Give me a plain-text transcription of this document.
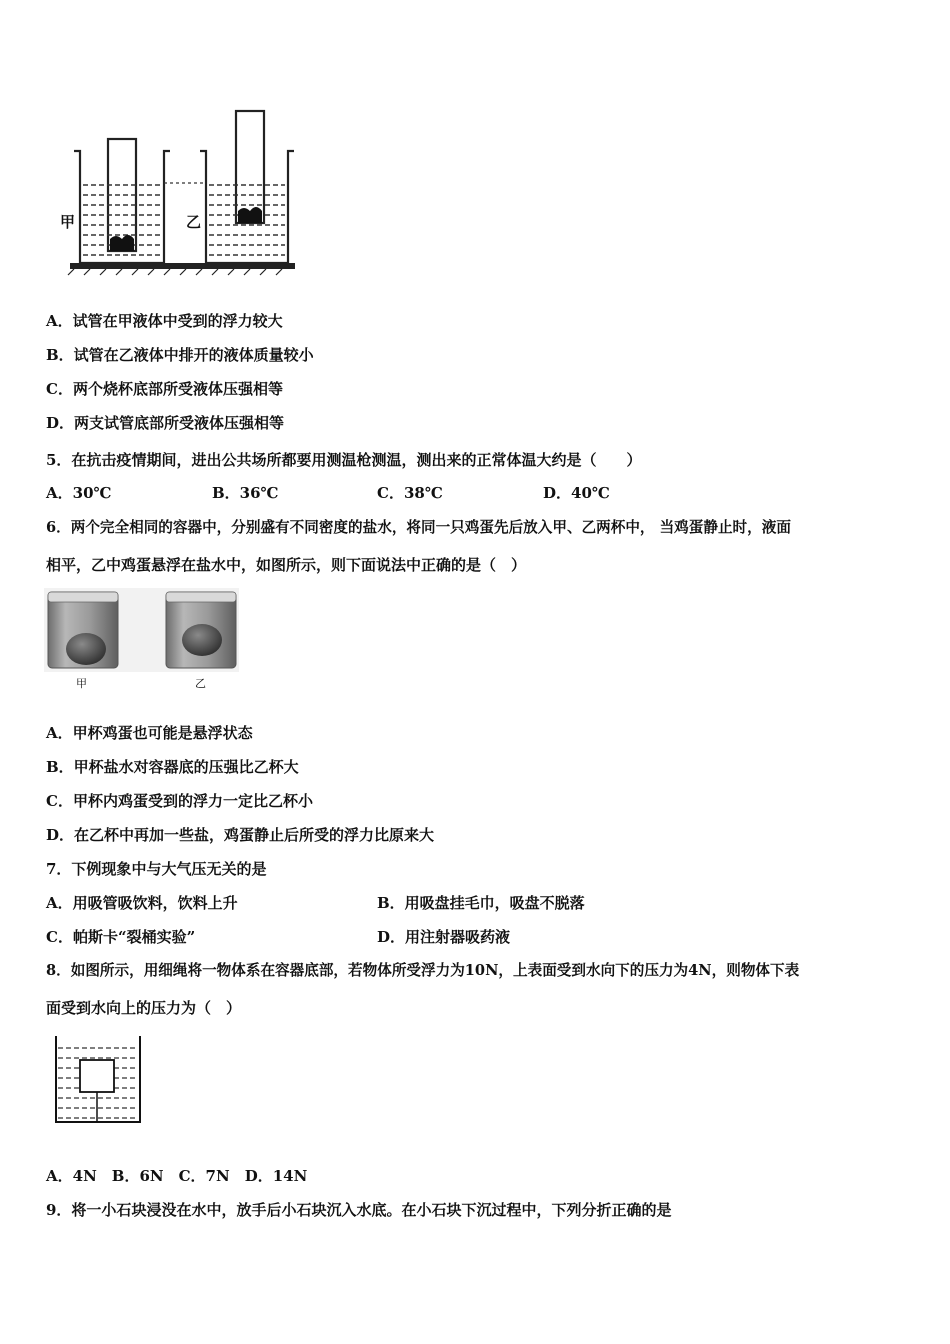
甲	乙
A．试管在甲液体中受到的浮力较大
B．试管在乙液体中排开的液体质量较小
C．两个烧杯底部所受液体压强相等
D．两支试管底部所受液体压强相等
5．在抗击疫情期间，进出公共场所都要用测温枪测温，测出来的正常体温大约是（　　）
A．30℃	B．36℃	C．38℃	D．40℃
6．两个完全相同的容器中，分别盛有不同密度的盐水，将同一只鸡蛋先后放入甲、乙两杯中， 当鸡蛋静止时，液面
相平，乙中鸡蛋悬浮在盐水中，如图所示，则下面说法中正确的是（　）
甲	乙
A．甲杯鸡蛋也可能是悬浮状态
B．甲杯盐水对容器底的压强比乙杯大
C．甲杯内鸡蛋受到的浮力一定比乙杯小
D．在乙杯中再加一些盐，鸡蛋静止后所受的浮力比原来大
7．下例现象中与大气压无关的是
A．用吸管吸饮料，饮料上升	B．用吸盘挂毛巾，吸盘不脱落
C．帕斯卡“裂桶实验”	D．用注射器吸药液
8．如图所示，用细绳将一物体系在容器底部，若物体所受浮力为10N，上表面受到水向下的压力为4N，则物体下表
面受到水向上的压力为（　）
A．4N　B．6N　C．7N　D．14N
9．将一小石块浸没在水中，放手后小石块沉入水底。在小石块下沉过程中，下列分折正确的是
